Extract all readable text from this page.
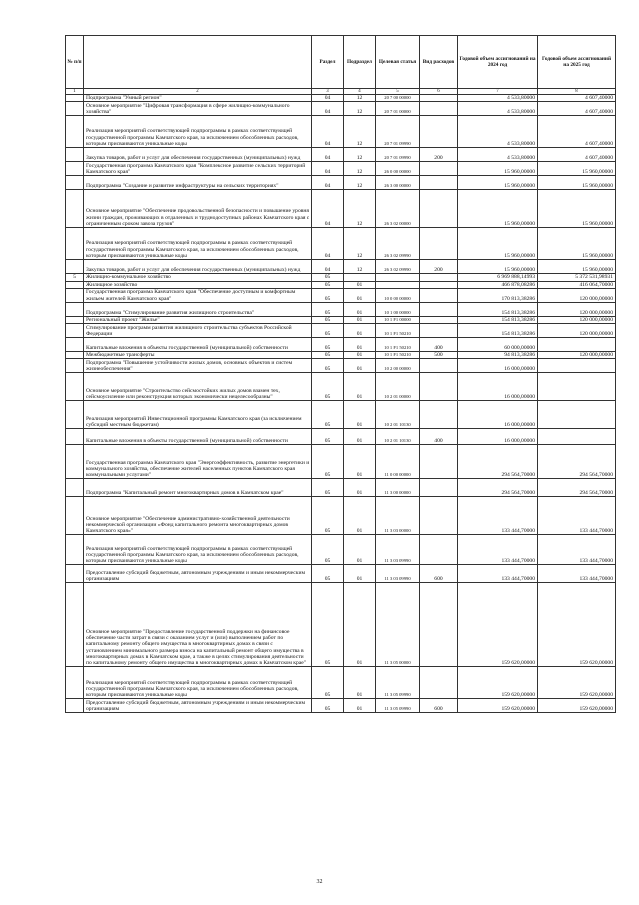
№ п/п		Раздел	Подраздел	Целевая статья	Вид расходов	Годовой объем ассигнований на 2024 год	Годовой объем ассигнований на 2025 год
1	2	3	4	5	6	7	8
	Подпрограмма "Умный регион"	04	12	20 7 00 00000		4 533,80000	4 607,40000
	Основное мероприятие "Цифровая трансформация в сфере жилищно-коммунального хозяйства"	04	12	20 7 01 00000		4 533,80000	4 607,40000
	Реализация мероприятий соответствующей подпрограммы в рамках соответствующей государственной программы Камчатского края, за исключением обособленных расходов, которым присваиваются уникальные коды	04	12	20 7 01 09990		4 533,80000	4 607,40000
	Закупка товаров, работ и услуг для обеспечения государственных (муниципальных) нужд	04	12	20 7 01 09990	200	4 533,80000	4 607,40000
	Государственная программа Камчатского края "Комплексное развитие сельских территорий Камчатского края"	04	12	26 0 00 00000		15 960,00000	15 960,00000
	Подпрограмма "Создание и развитие инфраструктуры на сельских территориях"	04	12	26 3 00 00000		15 960,00000	15 960,00000
	Основное мероприятие "Обеспечение продовольственной безопасности и повышение уровня жизни граждан, проживающих в отдаленных и труднодоступных районах Камчатского края с ограниченным сроком завоза грузов"	04	12	26 3 02 00000		15 960,00000	15 960,00000
	Реализация мероприятий соответствующей подпрограммы в рамках соответствующей государственной программы Камчатского края, за исключением обособленных расходов, которым присваиваются уникальные коды	04	12	26 3 02 09990		15 960,00000	15 960,00000
	Закупка товаров, работ и услуг для обеспечения государственных (муниципальных) нужд	04	12	26 3 02 09990	200	15 960,00000	15 960,00000
5	Жилищно-коммунальное хозяйство	05				6 969 888,14993	5 372 531,98931
	Жилищное хозяйство	05	01			466 878,08286	416 064,70000
	Государственная программа Камчатского края "Обеспечение доступным и комфортным жильем жителей Камчатского края"	05	01	10 0 00 00000		170 813,38286	120 000,00000
	Подпрограмма "Стимулирование развития жилищного строительства"	05	01	10 1 00 00000		154 813,38286	120 000,00000
	Региональный проект "Жилье"	05	01	10 1 F1 00000		154 813,38286	120 000,00000
	Стимулирование программ развития жилищного строительства субъектов Российской Федерации	05	01	10 1 F1 50210		154 813,38286	120 000,00000
	Капитальные вложения в объекты государственной (муниципальной) собственности	05	01	10 1 F1 50210	400	60 000,00000	
	Межбюджетные трансферты	05	01	10 1 F1 50210	500	94 813,38286	120 000,00000
	Подпрограмма "Повышение устойчивости жилых домов, основных объектов и систем жизнеобеспечения"	05	01	10 2 00 00000		16 000,00000	
	Основное мероприятие "Строительство сейсмостойких жилых домов взамен тех, сейсмоусиление или реконструкция которых экономически нецелесообразны"	05	01	10 2 01 00000		16 000,00000	
	Реализация мероприятий Инвестиционной программы Камчатского края (за исключением субсидий местным бюджетам)	05	01	10 2 01 10130		16 000,00000	
	Капитальные вложения в объекты государственной (муниципальной) собственности	05	01	10 2 01 10130	400	16 000,00000	
	Государственная программа Камчатского края "Энергоэффективность, развитие энергетики и коммунального хозяйства, обеспечение жителей населенных пунктов Камчатского края коммунальными услугами"	05	01	11 0 00 00000		294 564,70000	294 564,70000
	Подпрограмма "Капитальный ремонт многоквартирных домов в Камчатском крае"	05	01	11 3 00 00000		294 564,70000	294 564,70000
	Основное мероприятие "Обеспечение административно-хозяйственной деятельности некоммерческой организации «Фонд капитального ремонта многоквартирных домов Камчатского края»"	05	01	11 3 03 00000		133 444,70000	133 444,70000
	Реализация мероприятий соответствующей подпрограммы в рамках соответствующей государственной программы Камчатского края, за исключением обособленных расходов, которым присваиваются уникальные коды	05	01	11 3 03 09990		133 444,70000	133 444,70000
	Предоставление субсидий бюджетным, автономным учреждениям и иным некоммерческим организациям	05	01	11 3 03 09990	600	133 444,70000	133 444,70000
	Основное мероприятие "Предоставление государственной поддержки на финансовое обеспечение части затрат в связи с оказанием услуг и (или) выполнением работ по капитальному ремонту общего имущества в многоквартирных домах в связи с установлением минимального размера взноса на капитальный ремонт общего имущества в многоквартирных домах в Камчатском крае, а также в целях стимулирования деятельности по капитальному ремонту общего имущества в многоквартирных домах в Камчатском крае"	05	01	11 3 05 00000		159 620,00000	159 620,00000
	Реализация мероприятий соответствующей подпрограммы в рамках соответствующей государственной программы Камчатского края, за исключением обособленных расходов, которым присваиваются уникальные коды	05	01	11 3 05 09990		159 620,00000	159 620,00000
	Предоставление субсидий бюджетным, автономным учреждениям и иным некоммерческим организациям	05	01	11 3 05 09990	600	159 620,00000	159 620,00000
32
